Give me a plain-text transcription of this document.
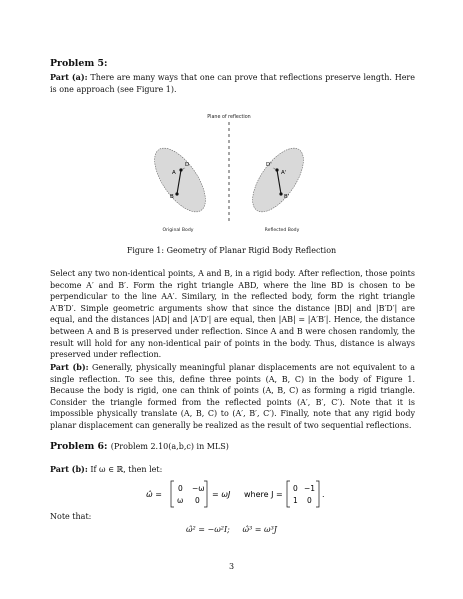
Problem 5:
Part (a): There are many ways that one can prove that reflections preserve length. Here is one approach (see Figure 1).
Plane of reflection
A
D
B
Original Body
D'
A'
B'
Reflected Body
Figure 1: Geometry of Planar Rigid Body Reflection
Select any two non-identical points, A and B, in a rigid body. After reflection, those points become A′ and B′. Form the right triangle ABD, where the line BD is chosen to be perpendicular to the line AA′. Similary, in the reflected body, form the right triangle A′B′D′. Simple geometric arguments show that since the distance |BD| and |B′D′| are equal, and the distances |AD| and |A′D′| are equal, then |AB| = |A′B′|. Hence, the distance between A and B is preserved under reflection. Since A and B were chosen randomly, the result will hold for any non-identical pair of points in the body. Thus, distance is always preserved under reflection.
Part (b): Generally, physically meaningful planar displacements are not equivalent to a single reflection. To see this, define three points (A, B, C) in the body of Figure 1. Because the body is rigid, one can think of points (A, B, C) as forming a rigid triangle. Consider the triangle formed from the reflected points (A′, B′, C′). Note that it is impossible physically translate (A, B, C) to (A′, B′, C′). Finally, note that any rigid body planar displacement can generally be realized as the result of two sequential reflections.
Problem 6: (Problem 2.10(a,b,c) in MLS)
Part (b): If ω ∈ ℝ, then let:
ω̂ =
0 −ω
ω 0
= ωJ where J =
0 −1
1 0
.
Note that:
ω̂² = −ω²I;     ω̂³ = ω³J
3
